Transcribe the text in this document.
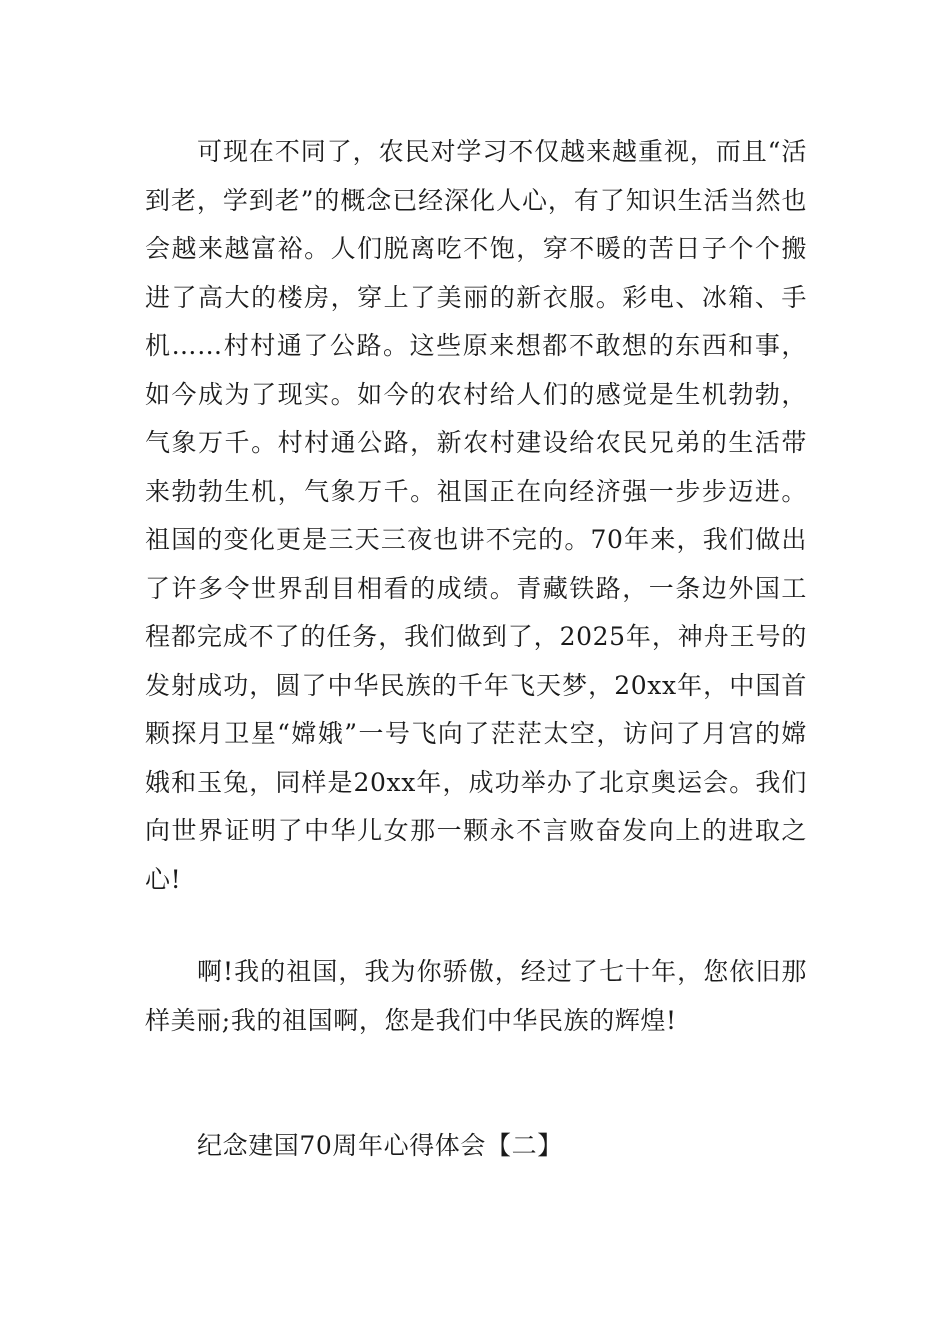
可现在不同了，农民对学习不仅越来越重视，而且“活到老，学到老”的概念已经深化人心，有了知识生活当然也会越来越富裕。人们脱离吃不饱，穿不暖的苦日子个个搬进了高大的楼房，穿上了美丽的新衣服。彩电、冰箱、手机……村村通了公路。这些原来想都不敢想的东西和事，如今成为了现实。如今的农村给人们的感觉是生机勃勃，气象万千。村村通公路，新农村建设给农民兄弟的生活带来勃勃生机，气象万千。祖国正在向经济强一步步迈进。祖国的变化更是三天三夜也讲不完的。70年来，我们做出了许多令世界刮目相看的成绩。青藏铁路，一条边外国工程都完成不了的任务，我们做到了，2025年，神舟王号的发射成功，圆了中华民族的千年飞天梦，20xx年，中国首颗探月卫星“嫦娥”一号飞向了茫茫太空，访问了月宫的嫦娥和玉兔，同样是20xx年，成功举办了北京奥运会。我们向世界证明了中华儿女那一颗永不言败奋发向上的进取之心!

啊!我的祖国，我为你骄傲，经过了七十年，您依旧那样美丽;我的祖国啊，您是我们中华民族的辉煌!

纪念建国70周年心得体会【二】
